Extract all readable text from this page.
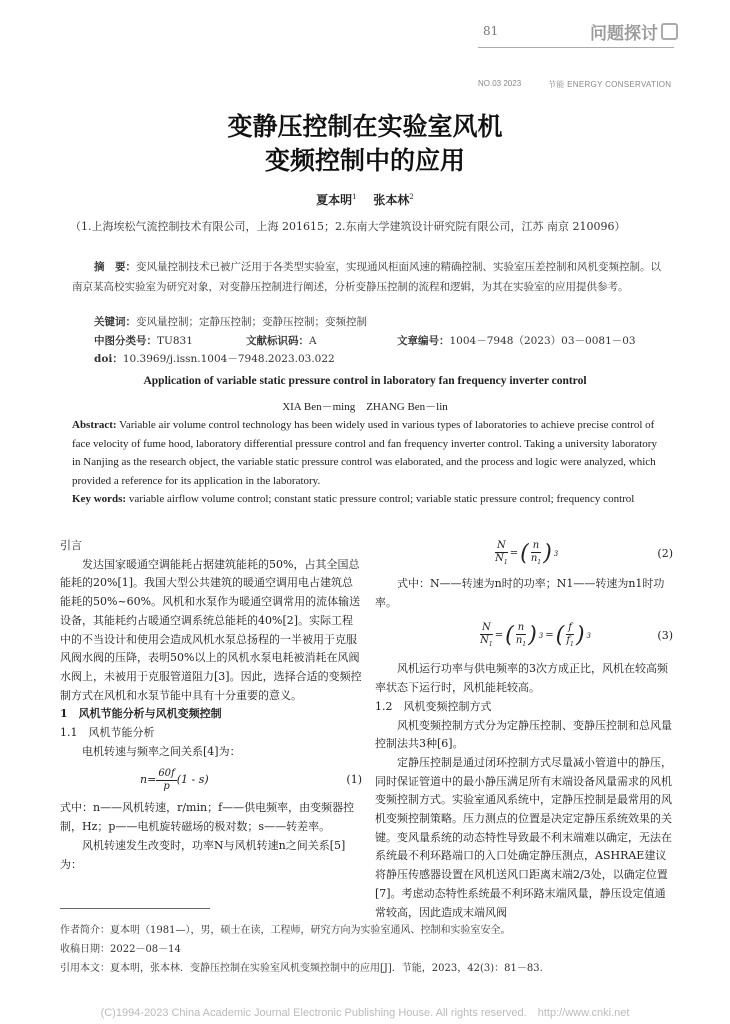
81	问题探讨
NO.03 2023	节能 ENERGY CONSERVATION
变静压控制在实验室风机
变频控制中的应用
夏本明$^1$ 张本林$^2$
（1.上海埃松气流控制技术有限公司，上海 201615；2.东南大学建筑设计研究院有限公司，江苏 南京 210096）
摘　要：变风量控制技术已被广泛用于各类型实验室，实现通风柜面风速的精确控制、实验室压差控制和风机变频控制。以南京某高校实验室为研究对象，对变静压控制进行阐述，分析变静压控制的流程和逻辑，为其在实验室的应用提供参考。
关键词：变风量控制；定静压控制；变静压控制；变频控制
中图分类号：TU831	文献标识码：A	文章编号：1004－7948（2023）03－0081－03
doi：10.3969/j.issn.1004－7948.2023.03.022
Application of variable static pressure control in laboratory fan frequency inverter control
XIA Ben－ming　ZHANG Ben－lin
Abstract: Variable air volume control technology has been widely used in various types of laboratories to achieve precise control of face velocity of fume hood, laboratory differential pressure control and fan frequency inverter control. Taking a university laboratory in Nanjing as the research object, the variable static pressure control was elaborated, and the process and logic were analyzed, which provided a reference for its application in the laboratory.
Key words: variable airflow volume control; constant static pressure control; variable static pressure control; frequency control

引言

发达国家暖通空调能耗占据建筑能耗的50%，占其全国总能耗的20%[1]。我国大型公共建筑的暖通空调用电占建筑总能耗的50%~60%。风机和水泵作为暖通空调常用的流体输送设备，其能耗约占暖通空调系统总能耗的40%[2]。实际工程中的不当设计和使用会造成风机水泵总扬程的一半被用于克服风阀水阀的压降，表明50%以上的风机水泵电耗被消耗在风阀水阀上，未被用于克服管道阻力[3]。因此，选择合适的变频控制方式在风机和水泵节能中具有十分重要的意义。

1　风机节能分析与风机变频控制

1.1　风机节能分析

电机转速与频率之间关系[4]为：

$n= \frac{60f}{p} (1 - s)$	(1)

式中：n——风机转速，r/min；f——供电频率，由变频器控制，Hz；p——电机旋转磁场的极对数；s——转差率。

风机转速发生改变时，功率N与风机转速n之间关系[5]为：

$\frac{N}{N_1}$ = ( $\frac{n}{n_1}$ ) 3	(2)

式中：N——转速为n时的功率；N1——转速为n1时功率。

$\frac{N}{N_1}$ = ( $\frac{n}{n_1}$ ) 3 = ( $\frac{f}{f_1}$ ) 3	(3)

风机运行功率与供电频率的3次方成正比，风机在较高频率状态下运行时，风机能耗较高。

1.2　风机变频控制方式

风机变频控制方式分为定静压控制、变静压控制和总风量控制法共3种[6]。

定静压控制是通过闭环控制方式尽量减小管道中的静压，同时保证管道中的最小静压满足所有末端设备风量需求的风机变频控制方式。实验室通风系统中，定静压控制是最常用的风机变频控制策略。压力测点的位置是决定定静压系统效果的关键。变风量系统的动态特性导致最不利末端难以确定，无法在系统最不利环路端口的入口处确定静压测点，ASHRAE建议将静压传感器设置在风机送风口距离末端2/3处，以确定位置[7]。考虑动态特性系统最不利环路末端风量，静压设定值通常较高，因此造成末端风阀

作者简介：夏本明（1981—），男，硕士在读，工程师，研究方向为实验室通风、控制和实验室安全。
收稿日期：2022－08－14
引用本文：夏本明，张本林．变静压控制在实验室风机变频控制中的应用[J]．节能，2023，42(3)：81－83.
(C)1994-2023 China Academic Journal Electronic Publishing House. All rights reserved.　http://www.cnki.net
